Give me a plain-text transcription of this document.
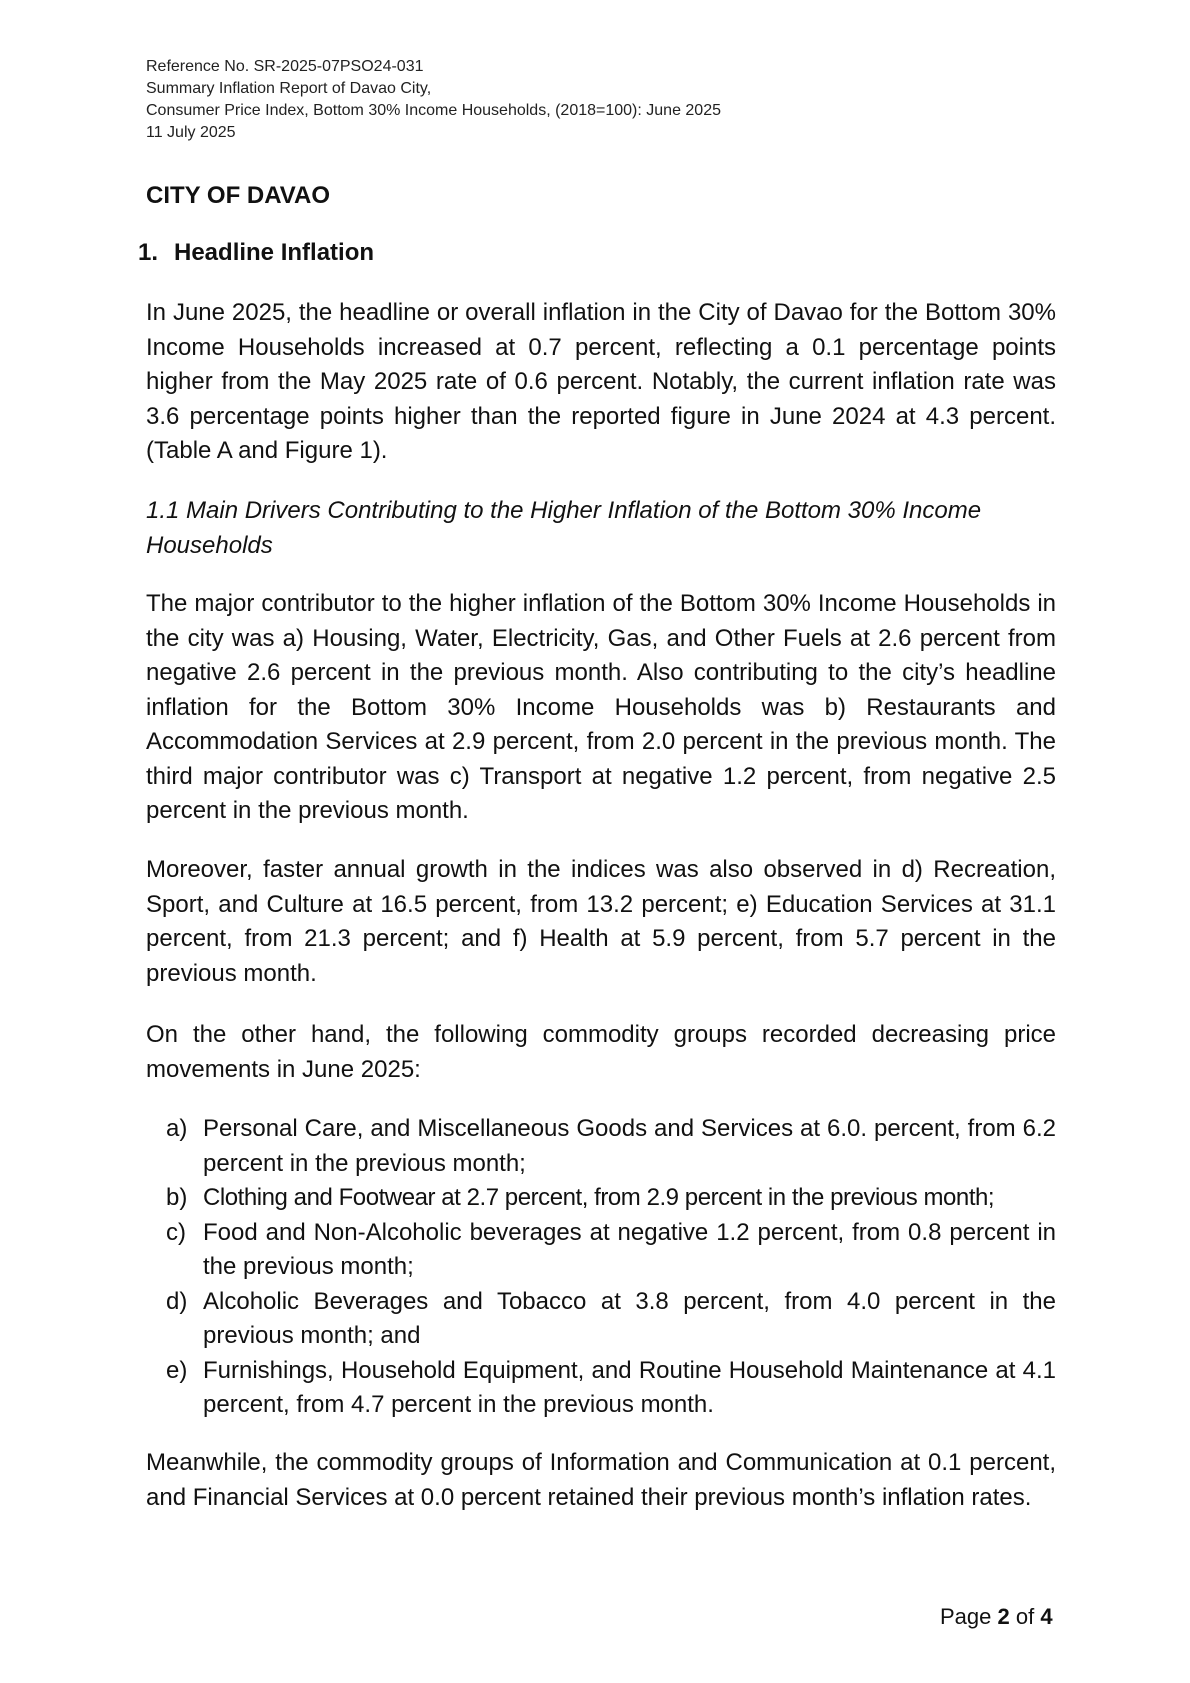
Reference No. SR-2025-07PSO24-031
Summary Inflation Report of Davao City,
Consumer Price Index, Bottom 30% Income Households, (2018=100): June 2025
11 July 2025
CITY OF DAVAO
1. Headline Inflation

In June 2025, the headline or overall inflation in the City of Davao for the Bottom 30% Income Households increased at 0.7 percent, reflecting a 0.1 percentage points higher from the May 2025 rate of 0.6 percent. Notably, the current inflation rate was 3.6 percentage points higher than the reported figure in June 2024 at 4.3 percent. (Table A and Figure 1).

1.1 Main Drivers Contributing to the Higher Inflation of the Bottom 30% Income Households

The major contributor to the higher inflation of the Bottom 30% Income Households in the city was a) Housing, Water, Electricity, Gas, and Other Fuels at 2.6 percent from negative 2.6 percent in the previous month. Also contributing to the city’s headline inflation for the Bottom 30% Income Households was b) Restaurants and Accommodation Services at 2.9 percent, from 2.0 percent in the previous month. The third major contributor was c) Transport at negative 1.2 percent, from negative 2.5 percent in the previous month.

Moreover, faster annual growth in the indices was also observed in d) Recreation, Sport, and Culture at 16.5 percent, from 13.2 percent; e) Education Services at 31.1 percent, from 21.3 percent; and f) Health at 5.9 percent, from 5.7 percent in the previous month.

On the other hand, the following commodity groups recorded decreasing price movements in June 2025:

a) Personal Care, and Miscellaneous Goods and Services at 6.0. percent, from 6.2 percent in the previous month;
b) Clothing and Footwear at 2.7 percent, from 2.9 percent in the previous month;
c) Food and Non-Alcoholic beverages at negative 1.2 percent, from 0.8 percent in the previous month;
d) Alcoholic Beverages and Tobacco at 3.8 percent, from 4.0 percent in the previous month; and
e) Furnishings, Household Equipment, and Routine Household Maintenance at 4.1 percent, from 4.7 percent in the previous month.

Meanwhile, the commodity groups of Information and Communication at 0.1 percent, and Financial Services at 0.0 percent retained their previous month’s inflation rates.

Page 2 of 4
